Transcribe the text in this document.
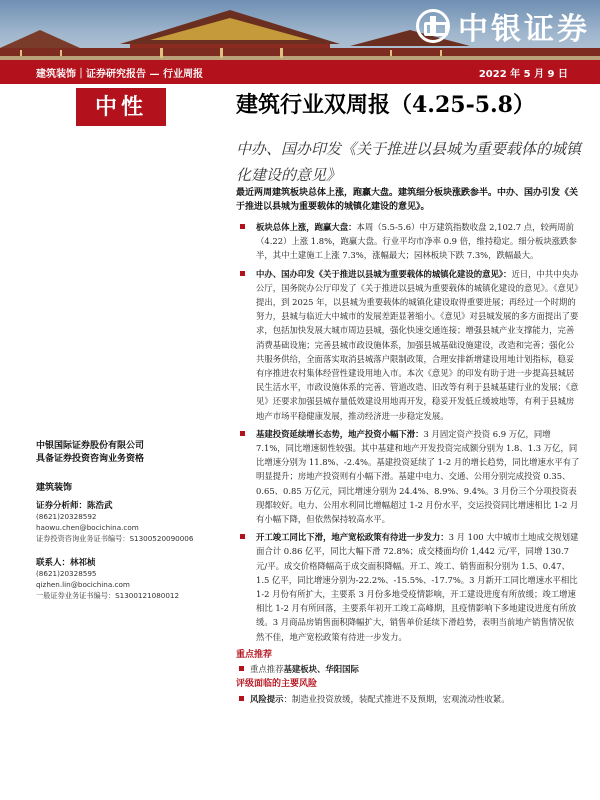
中银证券
建筑装饰｜证券研究报告 — 行业周报	2022 年 5 月 9 日
中性	建筑行业双周报（4.25-5.8）
中办、国办印发《关于推进以县城为重要载体的城镇化建设的意见》
最近两周建筑板块总体上涨，跑赢大盘。建筑细分板块涨跌参半。中办、国办引发《关于推进以县城为重要载体的城镇化建设的意见》。
板块总体上涨，跑赢大盘：本周（5.5-5.6）中万建筑指数收盘 2,102.7 点，较两周前（4.22）上涨 1.8%，跑赢大盘。行业平均市净率 0.9 倍，维持稳定。细分板块涨跌参半，其中土建施工上涨 7.3%，涨幅最大；园林板块下跌 7.3%，跌幅最大。
中办、国办印发《关于推进以县城为重要载体的城镇化建设的意见》：近日，中共中央办公厅，国务院办公厅印发了《关于推进以县城为重要载体的城镇化建设的意见》。《意见》提出，到 2025 年，以县城为重要载体的城镇化建设取得重要进展；再经过一个时期的努力，县城与临近大中城市的发展差距显著缩小。《意见》对县城发展的多方面提出了要求，包括加快发展大城市周边县城，强化快速交通连接；增强县城产业支撑能力，完善消费基础设施；完善县城市政设施体系，加强县城基础设施建设，改造和完善；强化公共服务供给，全面落实取消县城落户限制政策，合理安排新增建设用地计划指标，稳妥有序推进农村集体经营性建设用地入市。本次《意见》的印发有助于进一步提高县城居民生活水平，市政设施体系的完善、管道改造、旧改等有利于县城基建行业的发展；《意见》还要求加强县城存量低效建设用地再开发，稳妥开发低丘缓坡地等，有利于县城房地产市场平稳健康发展，推动经济进一步稳定发展。
基建投资延续增长态势，地产投资小幅下滑：3 月固定资产投资 6.9 万亿，同增 7.1%，同比增速韧性较强。其中基建和地产开发投资完成额分别为 1.8、1.3 万亿，同比增速分别为 11.8%、-2.4%。基建投资延续了 1-2 月的增长趋势，同比增速水平有了明显提升；房地产投资则有小幅下滑。基建中电力、交通、公用分别完成投资 0.35、0.65、0.85 万亿元，同比增速分别为 24.4%、8.9%、9.4%。3 月份三个分项投资表现都较好。电力、公用水利同比增幅超过 1-2 月份水平，交运投资同比增速相比 1-2 月有小幅下降，但依然保持较高水平。
开工竣工同比下滑，地产宽松政策有待进一步发力：3 月 100 大中城市土地成交规划建面合计 0.86 亿平，同比大幅下滑 72.8%；成交楼面均价 1,442 元/平，同增 130.7 元/平。成交价格降幅高于成交面积降幅。开工、竣工、销售面积分别为 1.5、0.47、1.5 亿平，同比增速分别为-22.2%、-15.5%、-17.7%。3 月新开工同比增速水平相比 1-2 月份有所扩大，主要系 3 月份多地受疫情影响，开工建设进度有所放缓；竣工增速相比 1-2 月有所回落，主要系年初开工竣工高峰期，且疫情影响下多地建设进度有所放缓。3 月商品房销售面积降幅扩大，销售单价延续下滑趋势，表明当前地产销售情况依然不佳，地产宽松政策有待进一步发力。
重点推荐
重点推荐基建板块、华阳国际
评级面临的主要风险
风险提示：制造业投资放缓，装配式推进不及预期，宏观流动性收紧。
中银国际证券股份有限公司
具备证券投资咨询业务资格
建筑装饰
证券分析师：陈浩武
(8621)20328592
haowu.chen@bocichina.com
证券投资咨询业务证书编号：S1300520090006
联系人：林祁桢
(8621)20328595
qizhen.lin@bocichina.com
一般证券业务证书编号：S1300121080012
